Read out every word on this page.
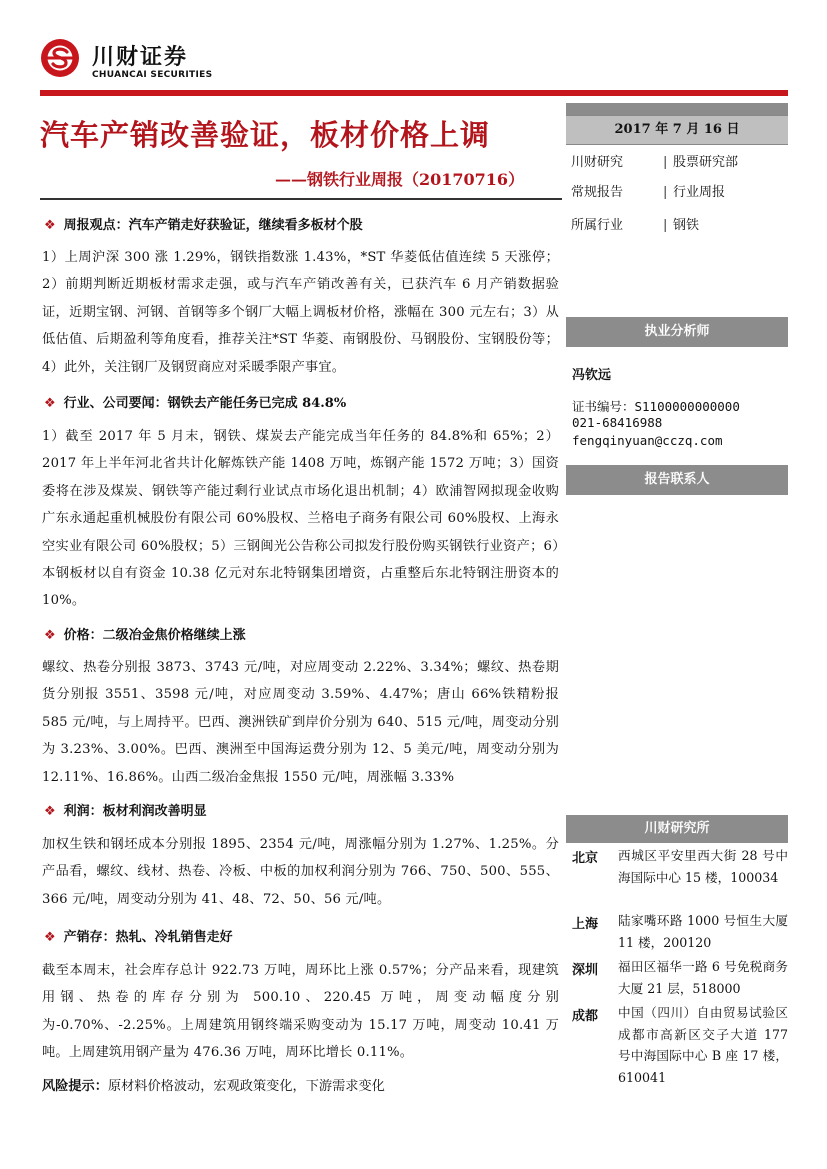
川财证券
CHUANCAI SECURITIES
汽车产销改善验证，板材价格上调
——钢铁行业周报（20170716）
❖ 周报观点：汽车产销走好获验证，继续看多板材个股
1）上周沪深 300 涨 1.29%，钢铁指数涨 1.43%，*ST 华菱低估值连续 5 天涨停；2）前期判断近期板材需求走强，或与汽车产销改善有关，已获汽车 6 月产销数据验证，近期宝钢、河钢、首钢等多个钢厂大幅上调板材价格，涨幅在 300 元左右；3）从低估值、后期盈利等角度看，推荐关注*ST 华菱、南钢股份、马钢股份、宝钢股份等；4）此外，关注钢厂及钢贸商应对采暖季限产事宜。
❖ 行业、公司要闻：钢铁去产能任务已完成 84.8%
1）截至 2017 年 5 月末，钢铁、煤炭去产能完成当年任务的 84.8%和 65%；2）2017 年上半年河北省共计化解炼铁产能 1408 万吨，炼钢产能 1572 万吨；3）国资委将在涉及煤炭、钢铁等产能过剩行业试点市场化退出机制；4）欧浦智网拟现金收购广东永通起重机械股份有限公司 60%股权、兰格电子商务有限公司 60%股权、上海永空实业有限公司 60%股权；5）三钢闽光公告称公司拟发行股份购买钢铁行业资产；6）本钢板材以自有资金 10.38 亿元对东北特钢集团增资，占重整后东北特钢注册资本的 10%。
❖ 价格：二级冶金焦价格继续上涨
螺纹、热卷分别报 3873、3743 元/吨，对应周变动 2.22%、3.34%；螺纹、热卷期货分别报 3551、3598 元/吨，对应周变动 3.59%、4.47%；唐山 66%铁精粉报 585 元/吨，与上周持平。巴西、澳洲铁矿到岸价分别为 640、515 元/吨，周变动分别为 3.23%、3.00%。巴西、澳洲至中国海运费分别为 12、5 美元/吨，周变动分别为 12.11%、16.86%。山西二级冶金焦报 1550 元/吨，周涨幅 3.33%
❖ 利润：板材利润改善明显
加权生铁和钢坯成本分别报 1895、2354 元/吨，周涨幅分别为 1.27%、1.25%。分产品看，螺纹、线材、热卷、冷板、中板的加权利润分别为 766、750、500、555、366 元/吨，周变动分别为 41、48、72、50、56 元/吨。
❖ 产销存：热轧、冷轧销售走好
截至本周末，社会库存总计 922.73 万吨，周环比上涨 0.57%；分产品来看，现建筑用钢、热卷的库存分别为 500.10、220.45 万吨，周变动幅度分别为-0.70%、-2.25%。上周建筑用钢终端采购变动为 15.17 万吨，周变动 10.41 万吨。上周建筑用钢产量为 476.36 万吨，周环比增长 0.11%。
风险提示：原材料价格波动，宏观政策变化，下游需求变化
2017 年 7 月 16 日
川财研究	| 股票研究部
常规报告	| 行业周报
所属行业	| 钢铁
执业分析师
冯钦远
证书编号：S1100000000000
021-68416988
fengqinyuan@cczq.com
报告联系人
川财研究所
北京 西城区平安里西大街 28 号中海国际中心 15 楼，100034
上海 陆家嘴环路 1000 号恒生大厦 11 楼，200120
深圳 福田区福华一路 6 号免税商务大厦 21 层，518000
成都 中国（四川）自由贸易试验区成都市高新区交子大道 177 号中海国际中心 B 座 17 楼，610041
